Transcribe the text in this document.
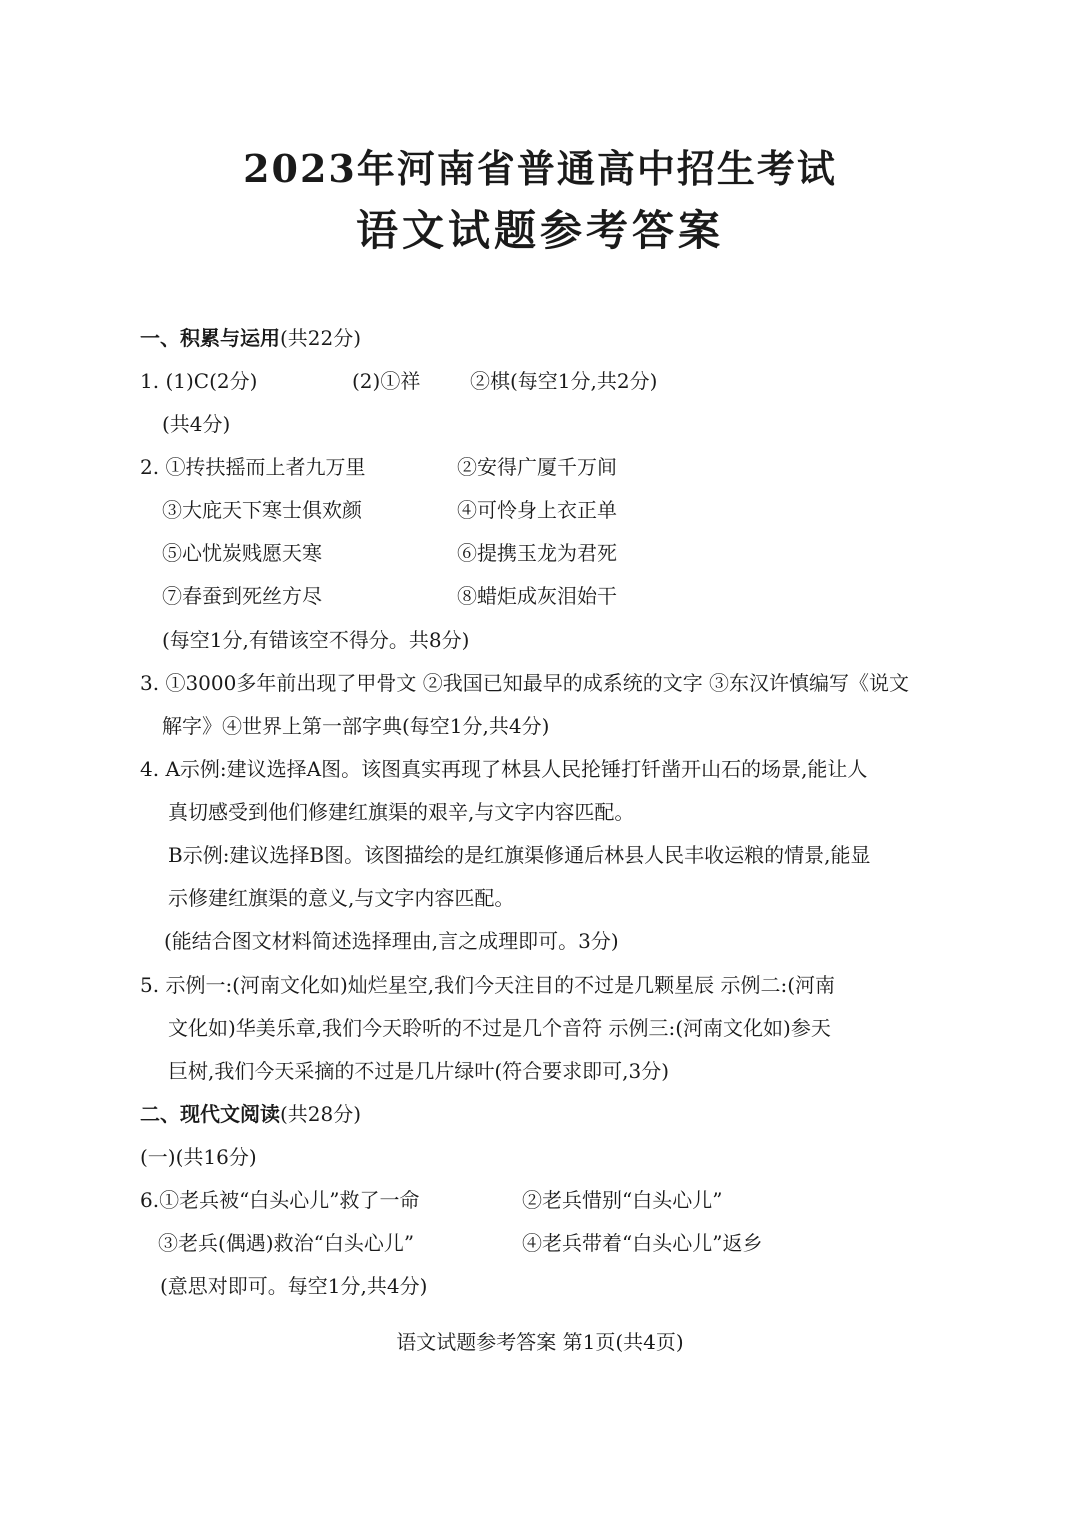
2023年河南省普通高中招生考试
语文试题参考答案
一、积累与运用(共22分)
1. (1)C(2分)	(2)①祥 ②棋(每空1分,共2分)
(共4分)
2. ①抟扶摇而上者九万里	②安得广厦千万间
③大庇天下寒士俱欢颜	④可怜身上衣正单
⑤心忧炭贱愿天寒	⑥提携玉龙为君死
⑦春蚕到死丝方尽	⑧蜡炬成灰泪始干
(每空1分,有错该空不得分。共8分)
3. ①3000多年前出现了甲骨文 ②我国已知最早的成系统的文字 ③东汉许慎编写《说文
解字》④世界上第一部字典(每空1分,共4分)
4. A示例:建议选择A图。该图真实再现了林县人民抡锤打钎凿开山石的场景,能让人
真切感受到他们修建红旗渠的艰辛,与文字内容匹配。
B示例:建议选择B图。该图描绘的是红旗渠修通后林县人民丰收运粮的情景,能显
示修建红旗渠的意义,与文字内容匹配。
(能结合图文材料简述选择理由,言之成理即可。3分)
5. 示例一:(河南文化如)灿烂星空,我们今天注目的不过是几颗星辰 示例二:(河南
文化如)华美乐章,我们今天聆听的不过是几个音符 示例三:(河南文化如)参天
巨树,我们今天采摘的不过是几片绿叶(符合要求即可,3分)
二、现代文阅读(共28分)
(一)(共16分)
6.①老兵被“白头心儿”救了一命	②老兵惜别“白头心儿”
③老兵(偶遇)救治“白头心儿”	④老兵带着“白头心儿”返乡
(意思对即可。每空1分,共4分)
语文试题参考答案 第1页(共4页)
